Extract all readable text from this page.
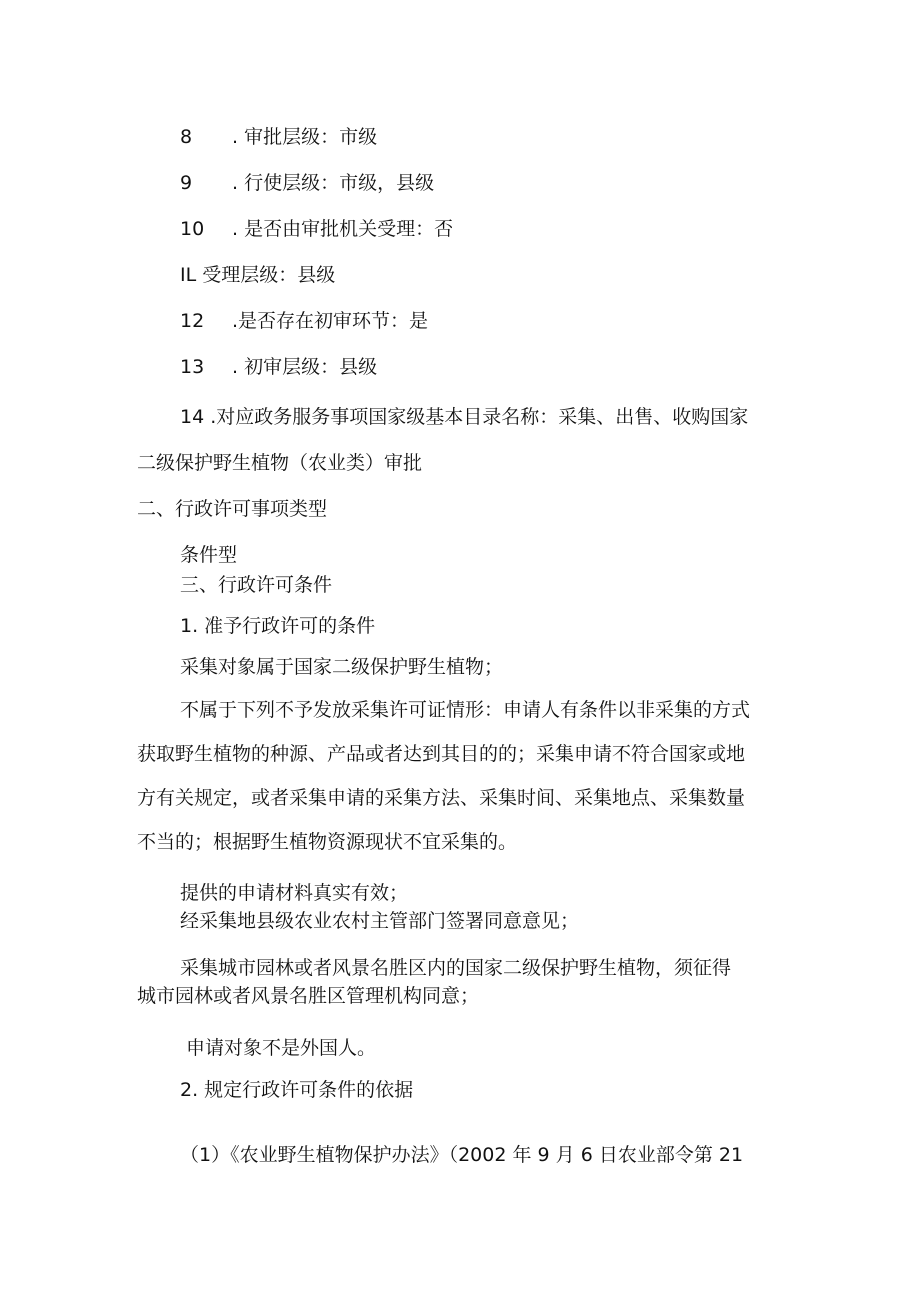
8 . 审批层级：市级
9 . 行使层级：市级，县级
10 . 是否由审批机关受理：否
IL 受理层级：县级
12 .是否存在初审环节：是
13 . 初审层级：县级
14 .对应政务服务事项国家级基本目录名称：采集、出售、收购国家
二级保护野生植物（农业类）审批
二、行政许可事项类型
条件型
三、行政许可条件
1. 准予行政许可的条件
采集对象属于国家二级保护野生植物；
不属于下列不予发放采集许可证情形：申请人有条件以非采集的方式
获取野生植物的种源、产品或者达到其目的的；采集申请不符合国家或地
方有关规定，或者采集申请的采集方法、采集时间、采集地点、采集数量
不当的；根据野生植物资源现状不宜采集的。
提供的申请材料真实有效；
经采集地县级农业农村主管部门签署同意意见；
采集城市园林或者风景名胜区内的国家二级保护野生植物，须征得
城市园林或者风景名胜区管理机构同意；
申请对象不是外国人。
2. 规定行政许可条件的依据
（1）《农业野生植物保护办法》（2002 年 9 月 6 日农业部令第 21
